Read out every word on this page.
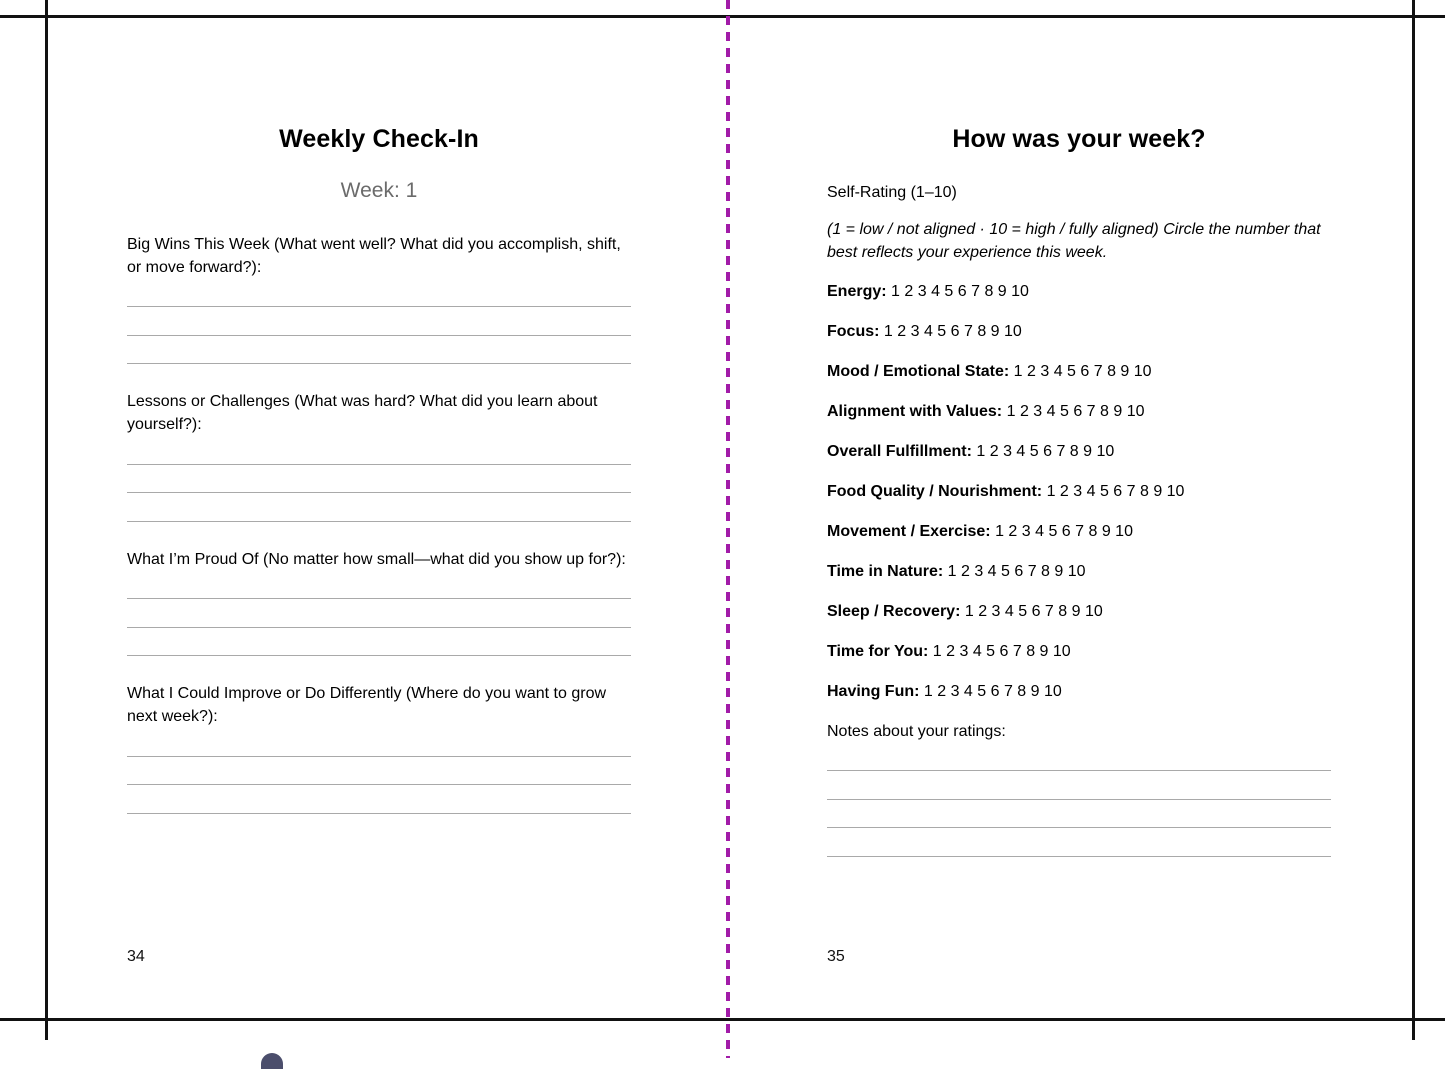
Weekly Check-In
Week: 1

Big Wins This Week (What went well? What did you accomplish, shift, or move forward?):

Lessons or Challenges (What was hard? What did you learn about yourself?):

What I’m Proud Of (No matter how small—what did you show up for?):

What I Could Improve or Do Differently (Where do you want to grow next week?):

34
How was your week?

Self-Rating (1–10)

(1 = low / not aligned · 10 = high / fully aligned) Circle the number that best reflects your experience this week.

Energy: 1 2 3 4 5 6 7 8 9 10

Focus: 1 2 3 4 5 6 7 8 9 10

Mood / Emotional State: 1 2 3 4 5 6 7 8 9 10

Alignment with Values: 1 2 3 4 5 6 7 8 9 10

Overall Fulfillment: 1 2 3 4 5 6 7 8 9 10

Food Quality / Nourishment: 1 2 3 4 5 6 7 8 9 10

Movement / Exercise: 1 2 3 4 5 6 7 8 9 10

Time in Nature: 1 2 3 4 5 6 7 8 9 10

Sleep / Recovery: 1 2 3 4 5 6 7 8 9 10

Time for You: 1 2 3 4 5 6 7 8 9 10

Having Fun: 1 2 3 4 5 6 7 8 9 10

Notes about your ratings:

35
